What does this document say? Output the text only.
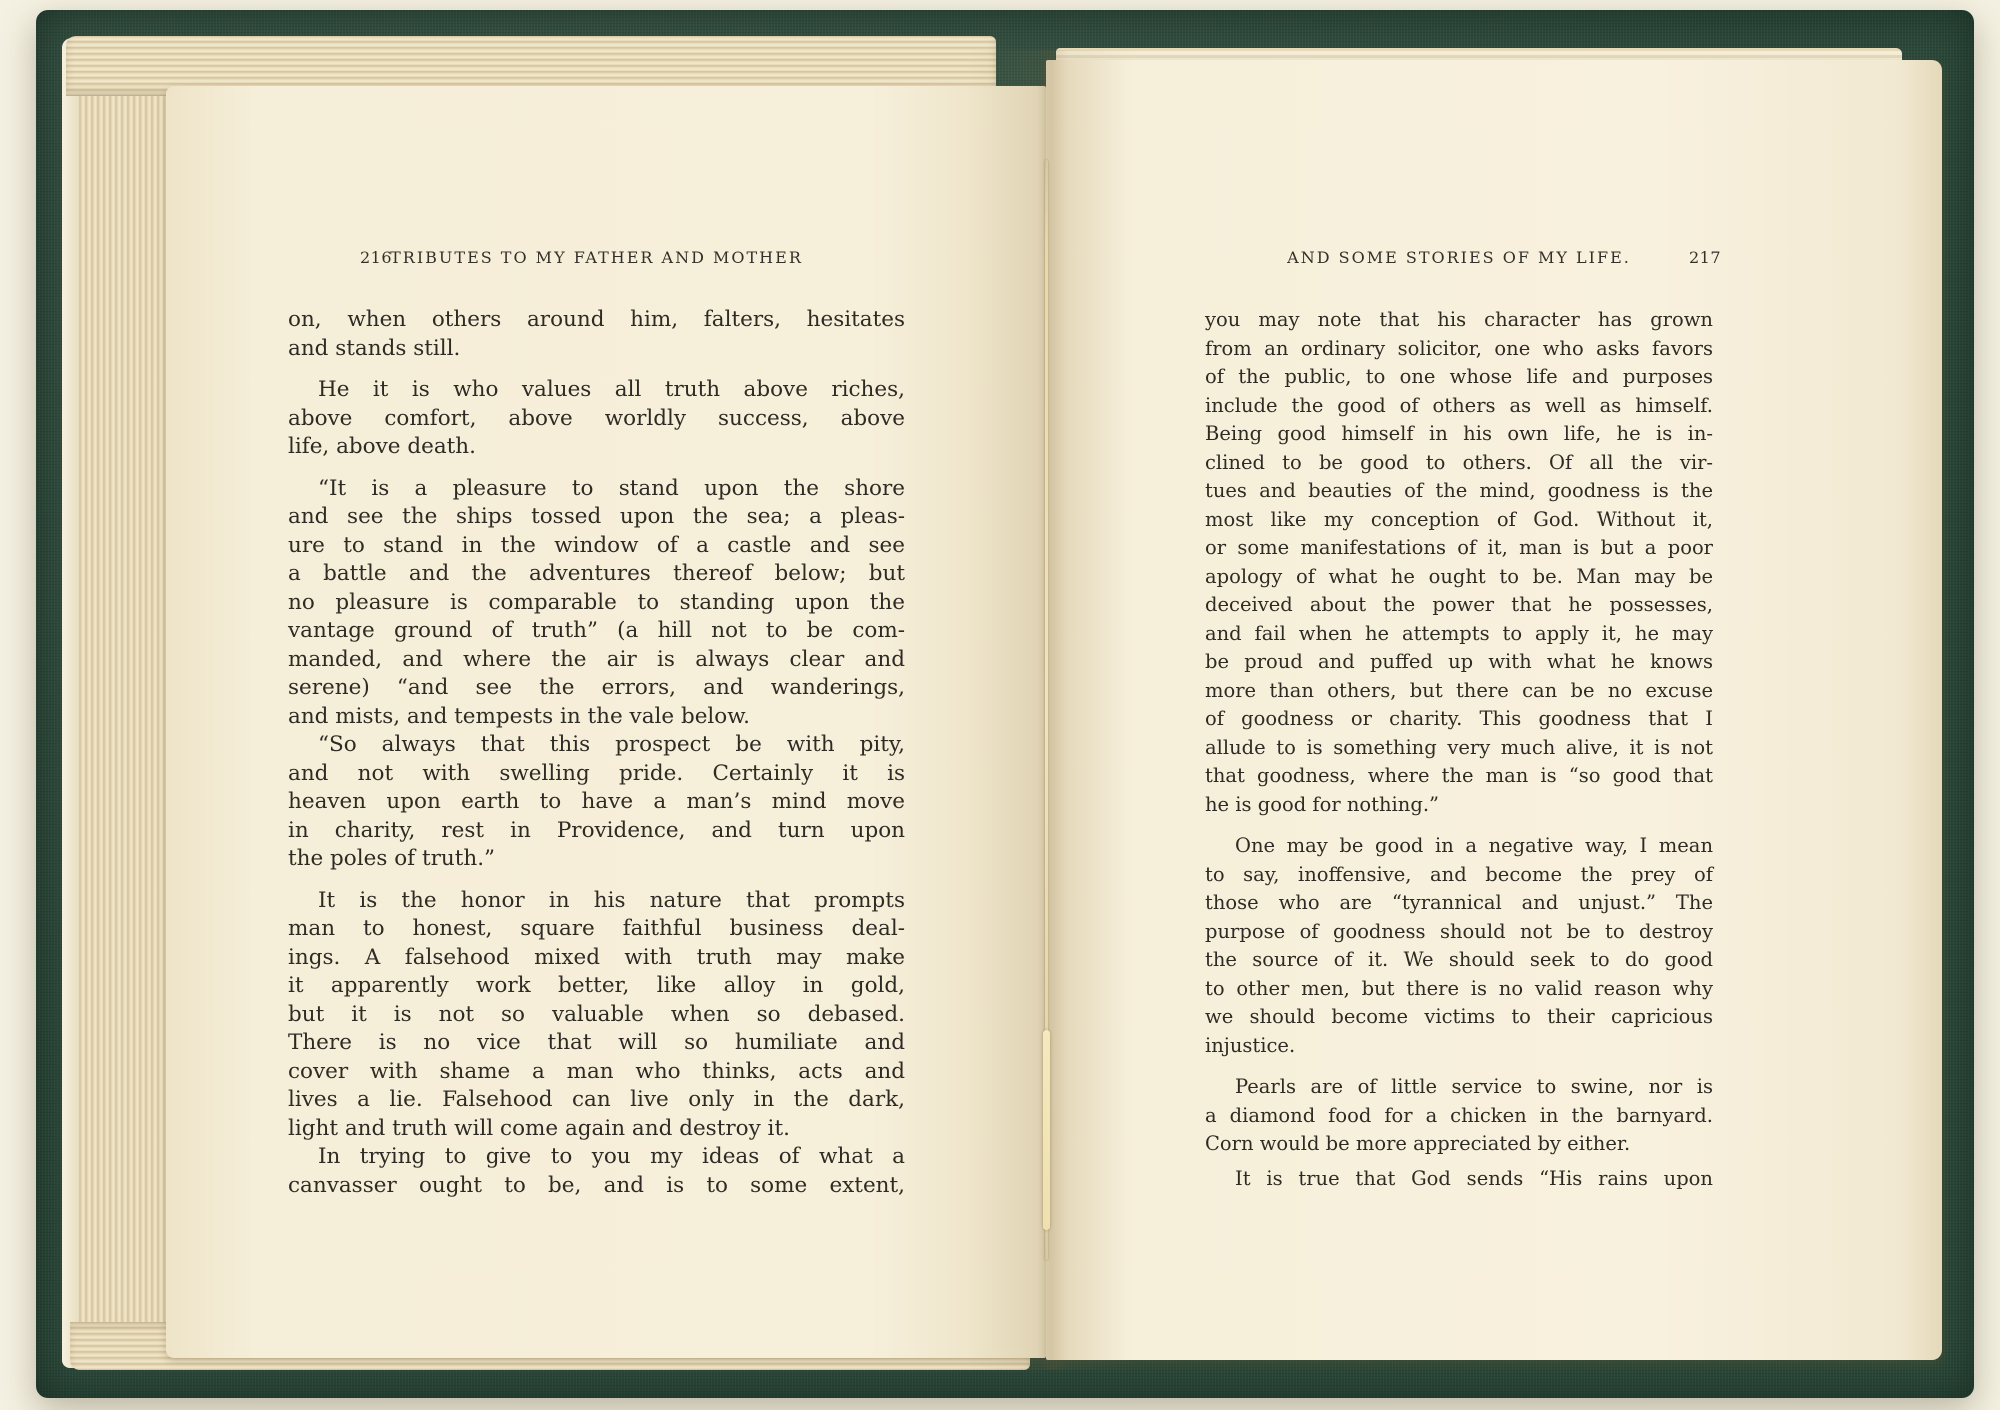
216
TRIBUTES TO MY FATHER AND MOTHER
on, when others around him, falters, hesitates
and stands still.
He it is who values all truth above riches,
above comfort, above worldly success, above
life, above death.
“It is a pleasure to stand upon the shore
and see the ships tossed upon the sea; a pleas-
ure to stand in the window of a castle and see
a battle and the adventures thereof below; but
no pleasure is comparable to standing upon the
vantage ground of truth” (a hill not to be com-
manded, and where the air is always clear and
serene) “and see the errors, and wanderings,
and mists, and tempests in the vale below.
“So always that this prospect be with pity,
and not with swelling pride. Certainly it is
heaven upon earth to have a man’s mind move
in charity, rest in Providence, and turn upon
the poles of truth.”
It is the honor in his nature that prompts
man to honest, square faithful business deal-
ings. A falsehood mixed with truth may make
it apparently work better, like alloy in gold,
but it is not so valuable when so debased.
There is no vice that will so humiliate and
cover with shame a man who thinks, acts and
lives a lie. Falsehood can live only in the dark,
light and truth will come again and destroy it.
In trying to give to you my ideas of what a
canvasser ought to be, and is to some extent,
AND SOME STORIES OF MY LIFE.	217
you may note that his character has grown
from an ordinary solicitor, one who asks favors
of the public, to one whose life and purposes
include the good of others as well as himself.
Being good himself in his own life, he is in-
clined to be good to others. Of all the vir-
tues and beauties of the mind, goodness is the
most like my conception of God. Without it,
or some manifestations of it, man is but a poor
apology of what he ought to be. Man may be
deceived about the power that he possesses,
and fail when he attempts to apply it, he may
be proud and puffed up with what he knows
more than others, but there can be no excuse
of goodness or charity. This goodness that I
allude to is something very much alive, it is not
that goodness, where the man is “so good that
he is good for nothing.”
One may be good in a negative way, I mean
to say, inoffensive, and become the prey of
those who are “tyrannical and unjust.” The
purpose of goodness should not be to destroy
the source of it. We should seek to do good
to other men, but there is no valid reason why
we should become victims to their capricious
injustice.
Pearls are of little service to swine, nor is
a diamond food for a chicken in the barnyard.
Corn would be more appreciated by either.
It is true that God sends “His rains upon
